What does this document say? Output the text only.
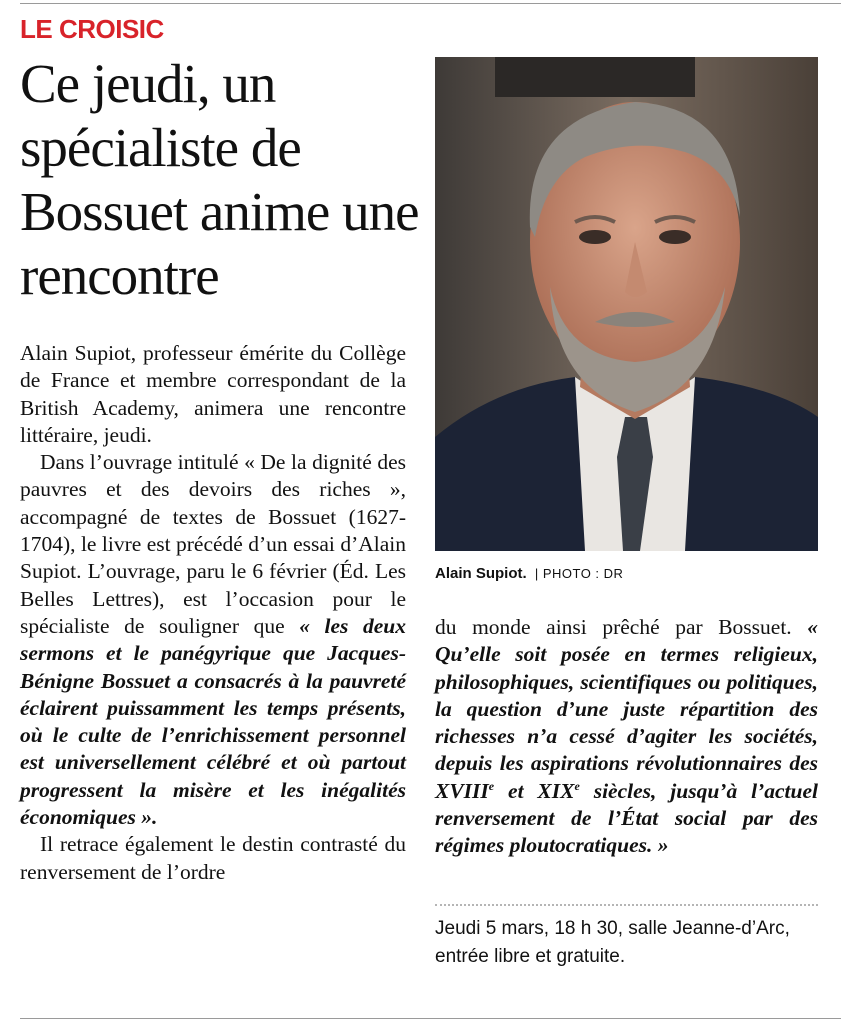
LE CROISIC

Ce jeudi, un spécialiste de Bossuet anime une rencontre

Alain Supiot. | PHOTO : DR

Alain Supiot, professeur émérite du Collège de France et membre correspondant de la British Academy, animera une rencontre littéraire, jeudi.

Dans l’ouvrage intitulé « De la dignité des pauvres et des devoirs des riches », accompagné de textes de Bossuet (1627-1704), le livre est précédé d’un essai d’Alain Supiot. L’ouvrage, paru le 6 février (Éd. Les Belles Lettres), est l’occasion pour le spécialiste de souligner que « les deux sermons et le panégyrique que Jacques-Bénigne Bossuet a consacrés à la pauvreté éclairent puissamment les temps présents, où le culte de l’enrichissement personnel est universellement célébré et où partout progressent la misère et les inégalités économiques ».

Il retrace également le destin contrasté du renversement de l’ordre

du monde ainsi prêché par Bossuet. « Qu’elle soit posée en termes religieux, philosophiques, scientifiques ou politiques, la question d’une juste répartition des richesses n’a cessé d’agiter les sociétés, depuis les aspirations révolutionnaires des XVIIIe et XIXe siècles, jusqu’à l’actuel renversement de l’État social par des régimes ploutocratiques. »

Jeudi 5 mars, 18 h 30, salle Jeanne-d’Arc, entrée libre et gratuite.
